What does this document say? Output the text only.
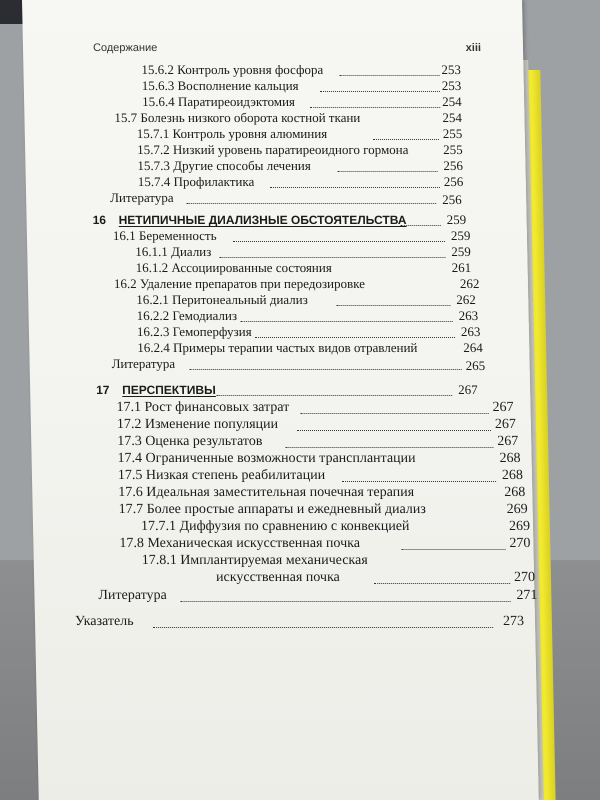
Содержание	xiii
15.6.2 Контроль уровня фосфора	253
15.6.3 Восполнение кальция	253
15.6.4 Паратиреоидэктомия	254
15.7 Болезнь низкого оборота костной ткани	254
15.7.1 Контроль уровня алюминия	255
15.7.2 Низкий уровень паратиреоидного гормона	255
15.7.3 Другие способы лечения	256
15.7.4 Профилактика	256
Литература	256
16 НЕТИПИЧНЫЕ ДИАЛИЗНЫЕ ОБСТОЯТЕЛЬСТВА	259
16.1 Беременность	259
16.1.1 Диализ	259
16.1.2 Ассоциированные состояния	261
16.2 Удаление препаратов при передозировке	262
16.2.1 Перитонеальный диализ	262
16.2.2 Гемодиализ	263
16.2.3 Гемоперфузия	263
16.2.4 Примеры терапии частых видов отравлений	264
Литература	265
17 ПЕРСПЕКТИВЫ	267
17.1 Рост финансовых затрат	267
17.2 Изменение популяции	267
17.3 Оценка результатов	267
17.4 Ограниченные возможности трансплантации	268
17.5 Низкая степень реабилитации	268
17.6 Идеальная заместительная почечная терапия	268
17.7 Более простые аппараты и ежедневный диализ	269
17.7.1 Диффузия по сравнению с конвекцией	269
17.8 Механическая искусственная почка	270
17.8.1 Имплантируемая механическая
искусственная почка	270
Литература	271
Указатель	273
